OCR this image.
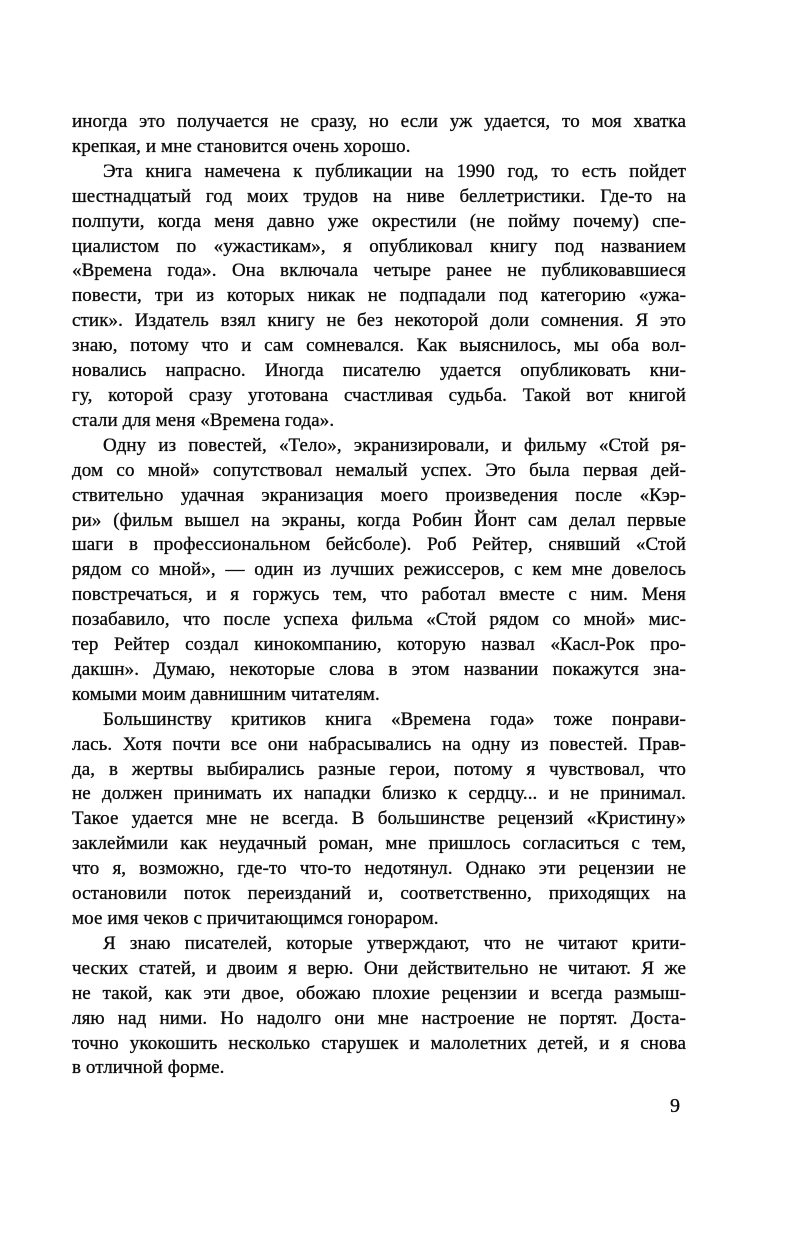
иногда это получается не сразу, но если уж удается, то моя хватка
крепкая, и мне становится очень хорошо.
Эта книга намечена к публикации на 1990 год, то есть пойдет
шестнадцатый год моих трудов на ниве беллетристики. Где-то на
полпути, когда меня давно уже окрестили (не пойму почему) спе-
циалистом по «ужастикам», я опубликовал книгу под названием
«Времена года». Она включала четыре ранее не публиковавшиеся
повести, три из которых никак не подпадали под категорию «ужа-
стик». Издатель взял книгу не без некоторой доли сомнения. Я это
знаю, потому что и сам сомневался. Как выяснилось, мы оба вол-
новались напрасно. Иногда писателю удается опубликовать кни-
гу, которой сразу уготована счастливая судьба. Такой вот книгой
стали для меня «Времена года».
Одну из повестей, «Тело», экранизировали, и фильму «Стой ря-
дом со мной» сопутствовал немалый успех. Это была первая дей-
ствительно удачная экранизация моего произведения после «Кэр-
ри» (фильм вышел на экраны, когда Робин Йонт сам делал первые
шаги в профессиональном бейсболе). Роб Рейтер, снявший «Стой
рядом со мной», — один из лучших режиссеров, с кем мне довелось
повстречаться, и я горжусь тем, что работал вместе с ним. Меня
позабавило, что после успеха фильма «Стой рядом со мной» мис-
тер Рейтер создал кинокомпанию, которую назвал «Касл-Рок про-
дакшн». Думаю, некоторые слова в этом названии покажутся зна-
комыми моим давнишним читателям.
Большинству критиков книга «Времена года» тоже понрави-
лась. Хотя почти все они набрасывались на одну из повестей. Прав-
да, в жертвы выбирались разные герои, потому я чувствовал, что
не должен принимать их нападки близко к сердцу... и не принимал.
Такое удается мне не всегда. В большинстве рецензий «Кристину»
заклеймили как неудачный роман, мне пришлось согласиться с тем,
что я, возможно, где-то что-то недотянул. Однако эти рецензии не
остановили поток переизданий и, соответственно, приходящих на
мое имя чеков с причитающимся гонораром.
Я знаю писателей, которые утверждают, что не читают крити-
ческих статей, и двоим я верю. Они действительно не читают. Я же
не такой, как эти двое, обожаю плохие рецензии и всегда размыш-
ляю над ними. Но надолго они мне настроение не портят. Доста-
точно укокошить несколько старушек и малолетних детей, и я снова
в отличной форме.
9
